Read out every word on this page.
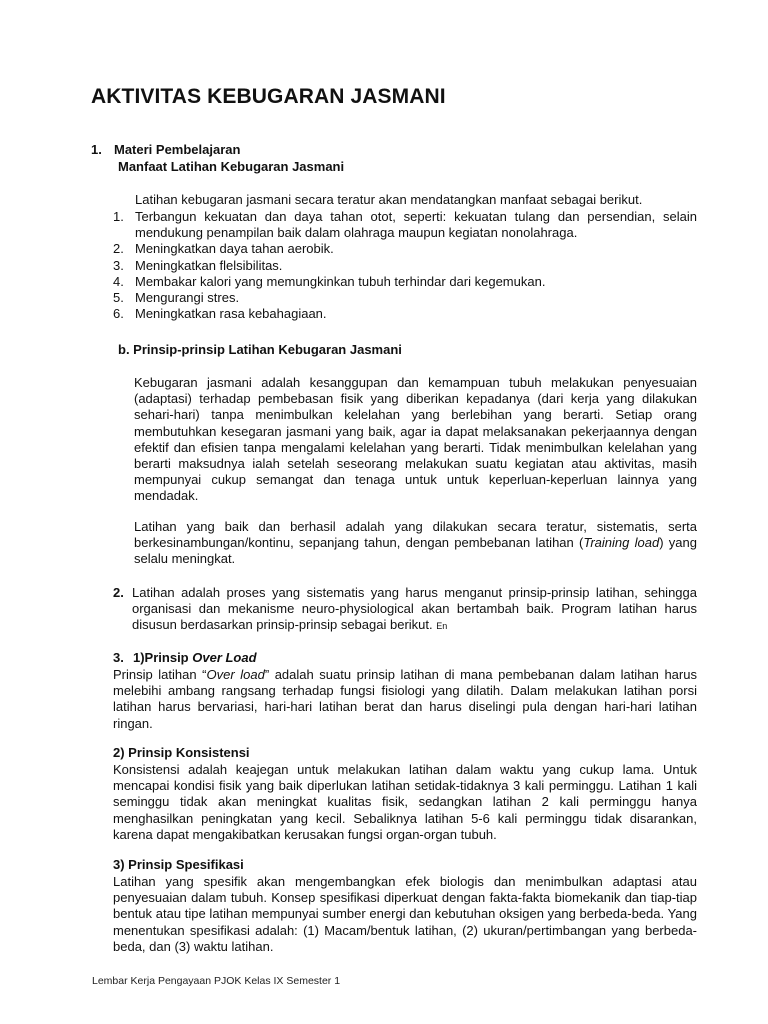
AKTIVITAS KEBUGARAN JASMANI
1. Materi Pembelajaran
Manfaat Latihan Kebugaran Jasmani
Latihan kebugaran jasmani secara teratur akan mendatangkan manfaat sebagai berikut.
1. Terbangun kekuatan dan daya tahan otot, seperti: kekuatan tulang dan persendian, selain mendukung penampilan baik dalam olahraga maupun kegiatan nonolahraga.
2. Meningkatkan daya tahan aerobik.
3. Meningkatkan flelsibilitas.
4. Membakar kalori yang memungkinkan tubuh terhindar dari kegemukan.
5. Mengurangi stres.
6. Meningkatkan rasa kebahagiaan.
b. Prinsip-prinsip Latihan Kebugaran Jasmani
Kebugaran jasmani adalah kesanggupan dan kemampuan tubuh melakukan penyesuaian (adaptasi) terhadap pembebasan fisik yang diberikan kepadanya (dari kerja yang dilakukan sehari-hari) tanpa menimbulkan kelelahan yang berlebihan yang berarti. Setiap orang membutuhkan kesegaran jasmani yang baik, agar ia dapat melaksanakan pekerjaannya dengan efektif dan efisien tanpa mengalami kelelahan yang berarti. Tidak menimbulkan kelelahan yang berarti maksudnya ialah setelah seseorang melakukan suatu kegiatan atau aktivitas, masih mempunyai cukup semangat dan tenaga untuk untuk keperluan-keperluan lainnya yang mendadak.
Latihan yang baik dan berhasil adalah yang dilakukan secara teratur, sistematis, serta berkesinambungan/kontinu, sepanjang tahun, dengan pembebanan latihan (Training load) yang selalu meningkat.
2. Latihan adalah proses yang sistematis yang harus menganut prinsip-prinsip latihan, sehingga organisasi dan mekanisme neuro-physiological akan bertambah baik. Program latihan harus disusun berdasarkan prinsip-prinsip sebagai berikut. En
3. 1)Prinsip Over Load
Prinsip latihan “Over load” adalah suatu prinsip latihan di mana pembebanan dalam latihan harus melebihi ambang rangsang terhadap fungsi fisiologi yang dilatih. Dalam melakukan latihan porsi latihan harus bervariasi, hari-hari latihan berat dan harus diselingi pula dengan hari-hari latihan ringan.
2) Prinsip Konsistensi
Konsistensi adalah keajegan untuk melakukan latihan dalam waktu yang cukup lama. Untuk mencapai kondisi fisik yang baik diperlukan latihan setidak-tidaknya 3 kali perminggu. Latihan 1 kali seminggu tidak akan meningkat kualitas fisik, sedangkan latihan 2 kali perminggu hanya menghasilkan peningkatan yang kecil. Sebaliknya latihan 5-6 kali perminggu tidak disarankan, karena dapat mengakibatkan kerusakan fungsi organ-organ tubuh.
3) Prinsip Spesifikasi
Latihan yang spesifik akan mengembangkan efek biologis dan menimbulkan adaptasi atau penyesuaian dalam tubuh. Konsep spesifikasi diperkuat dengan fakta-fakta biomekanik dan tiap-tiap bentuk atau tipe latihan mempunyai sumber energi dan kebutuhan oksigen yang berbeda-beda. Yang menentukan spesifikasi adalah: (1) Macam/bentuk latihan, (2) ukuran/pertimbangan yang berbeda-beda, dan (3) waktu latihan.
Lembar Kerja Pengayaan PJOK Kelas IX Semester 1
